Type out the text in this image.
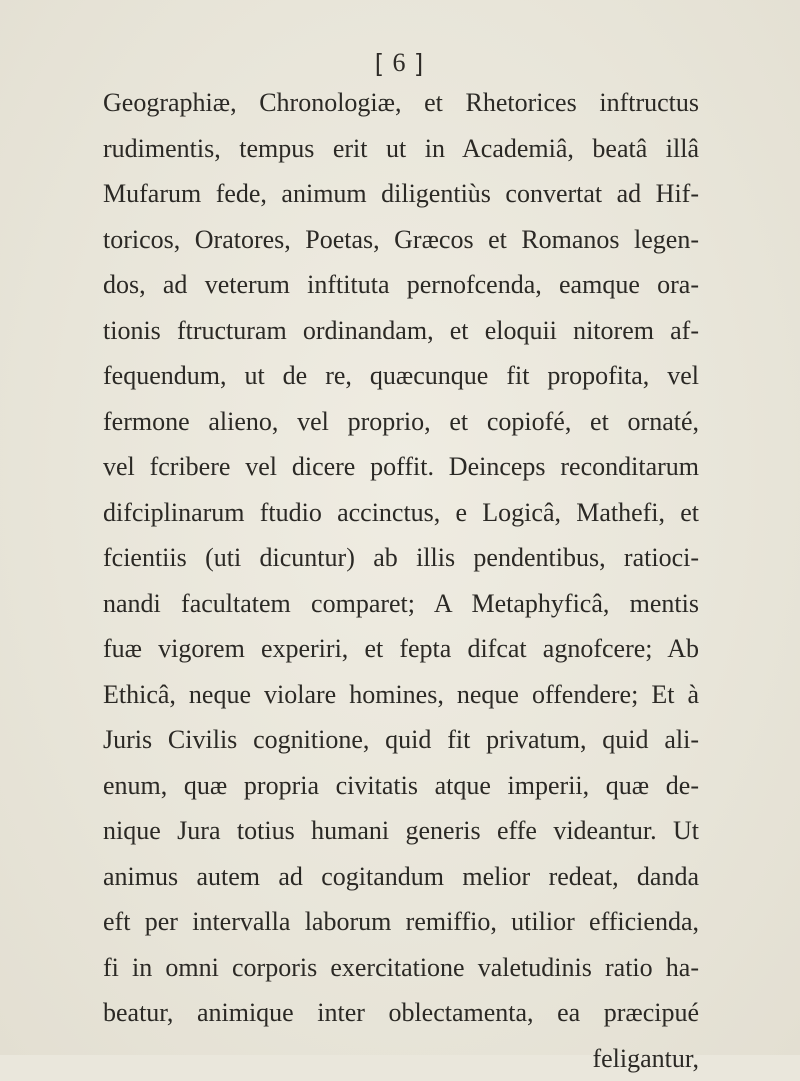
[ 6 ]
Geographiæ, Chronologiæ, et Rhetorices inftructus
rudimentis, tempus erit ut in Academiâ, beatâ illâ
Mufarum fede, animum diligentiùs convertat ad Hif-
toricos, Oratores, Poetas, Græcos et Romanos legen-
dos, ad veterum inftituta pernofcenda, eamque ora-
tionis ftructuram ordinandam, et eloquii nitorem af-
fequendum, ut de re, quæcunque fit propofita, vel
fermone alieno, vel proprio, et copiofé, et ornaté,
vel fcribere vel dicere poffit. Deinceps reconditarum
difciplinarum ftudio accinctus, e Logicâ, Mathefi, et
fcientiis (uti dicuntur) ab illis pendentibus, ratioci-
nandi facultatem comparet; A Metaphyficâ, mentis
fuæ vigorem experiri, et fepta difcat agnofcere; Ab
Ethicâ, neque violare homines, neque offendere; Et à
Juris Civilis cognitione, quid fit privatum, quid ali-
enum, quæ propria civitatis atque imperii, quæ de-
nique Jura totius humani generis effe videantur. Ut
animus autem ad cogitandum melior redeat, danda
eft per intervalla laborum remiffio, utilior efficienda,
fi in omni corporis exercitatione valetudinis ratio ha-
beatur, animique inter oblectamenta, ea præcipué
feligantur,
